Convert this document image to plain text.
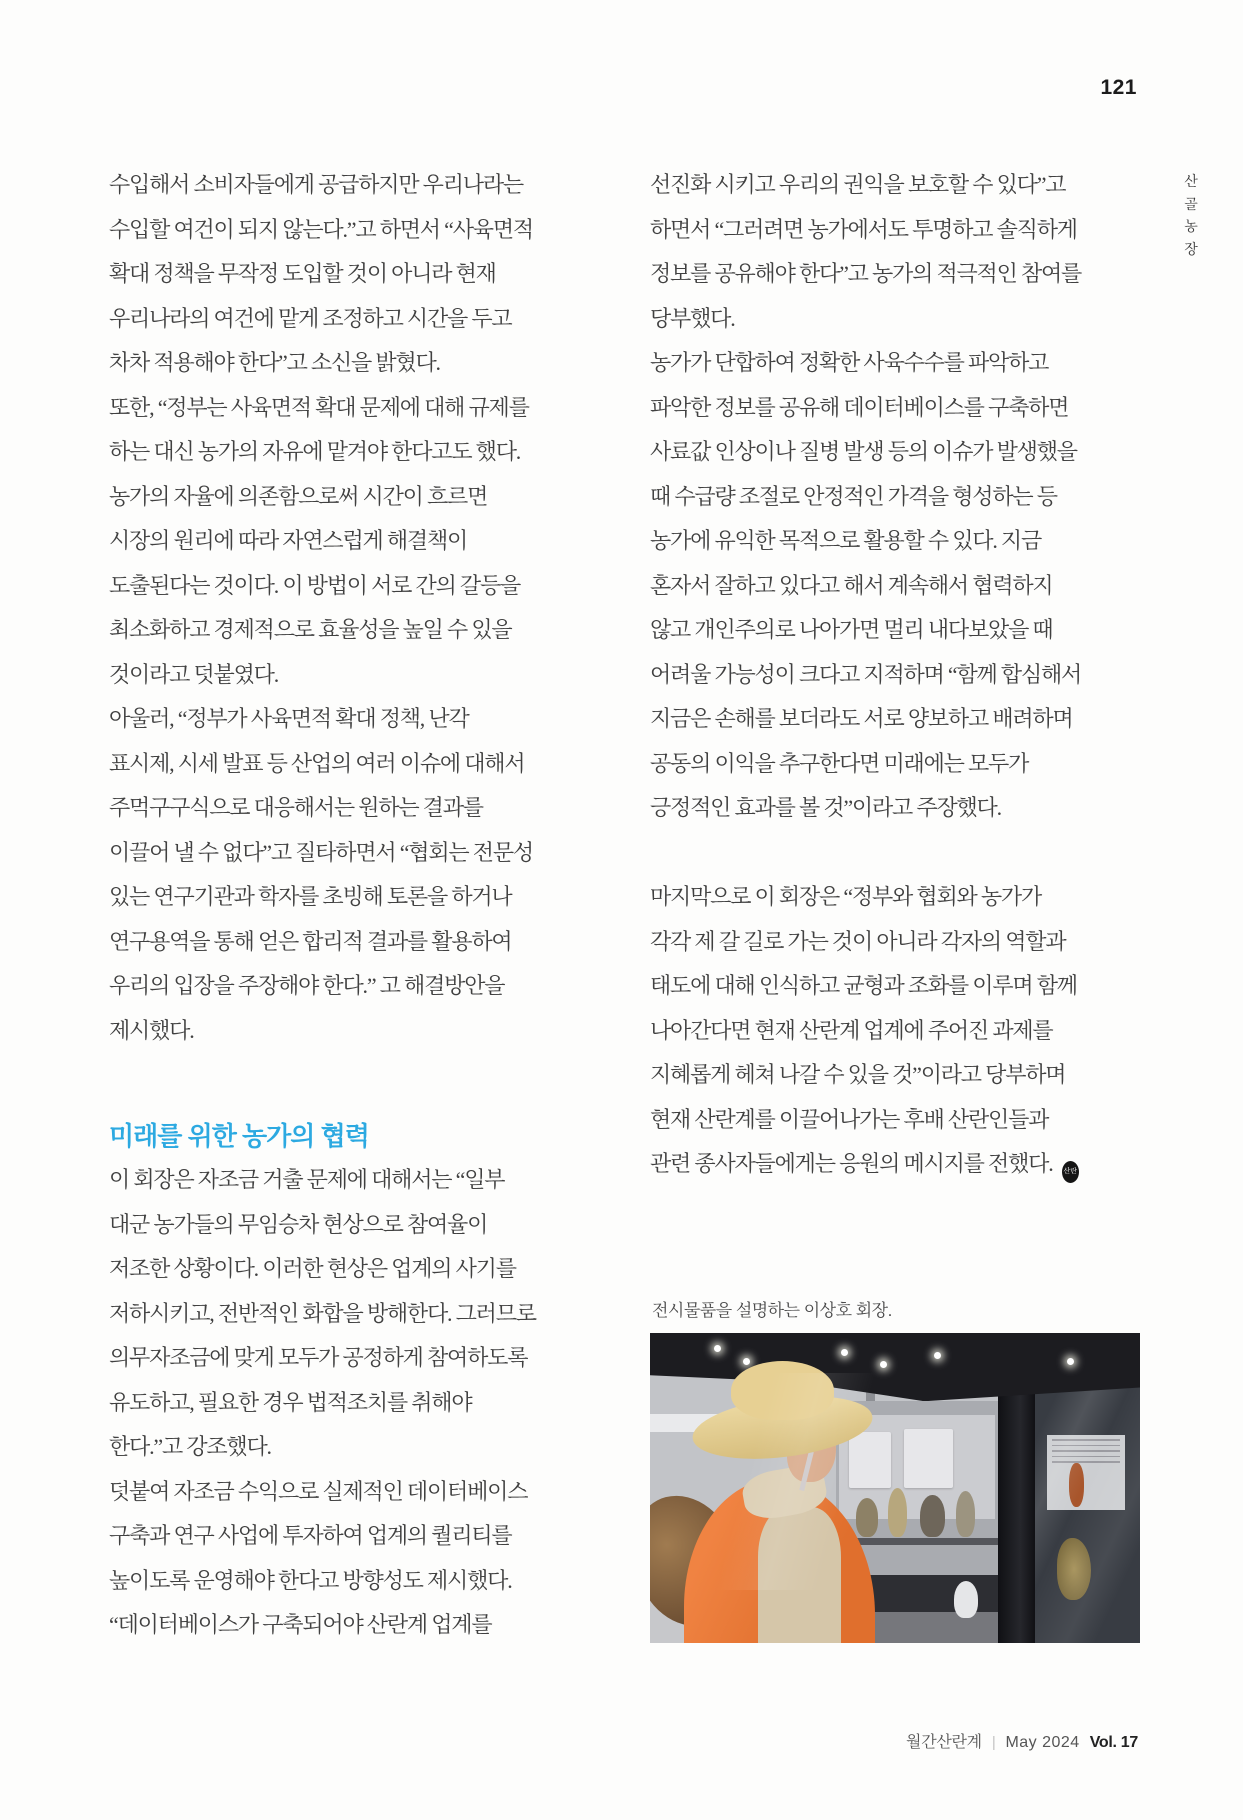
121
산
골
농
장
수입해서 소비자들에게 공급하지만 우리나라는
수입할 여건이 되지 않는다.”고 하면서 “사육면적
확대 정책을 무작정 도입할 것이 아니라 현재
우리나라의 여건에 맡게 조정하고 시간을 두고
차차 적용해야 한다”고 소신을 밝혔다.
또한, “정부는 사육면적 확대 문제에 대해 규제를
하는 대신 농가의 자유에 맡겨야 한다고도 했다.
농가의 자율에 의존함으로써 시간이 흐르면
시장의 원리에 따라 자연스럽게 해결책이
도출된다는 것이다. 이 방법이 서로 간의 갈등을
최소화하고 경제적으로 효율성을 높일 수 있을
것이라고 덧붙였다.
아울러, “정부가 사육면적 확대 정책, 난각
표시제, 시세 발표 등 산업의 여러 이슈에 대해서
주먹구구식으로 대응해서는 원하는 결과를
이끌어 낼 수 없다”고 질타하면서 “협회는 전문성
있는 연구기관과 학자를 초빙해 토론을 하거나
연구용역을 통해 얻은 합리적 결과를 활용하여
우리의 입장을 주장해야 한다.” 고 해결방안을
제시했다.
미래를 위한 농가의 협력
이 회장은 자조금 거출 문제에 대해서는 “일부
대군 농가들의 무임승차 현상으로 참여율이
저조한 상황이다. 이러한 현상은 업계의 사기를
저하시키고, 전반적인 화합을 방해한다. 그러므로
의무자조금에 맞게 모두가 공정하게 참여하도록
유도하고, 필요한 경우 법적조치를 취해야
한다.”고 강조했다.
덧붙여 자조금 수익으로 실제적인 데이터베이스
구축과 연구 사업에 투자하여 업계의 퀄리티를
높이도록 운영해야 한다고 방향성도 제시했다.
“데이터베이스가 구축되어야 산란계 업계를
선진화 시키고 우리의 권익을 보호할 수 있다”고
하면서 “그러려면 농가에서도 투명하고 솔직하게
정보를 공유해야 한다”고 농가의 적극적인 참여를
당부했다.
농가가 단합하여 정확한 사육수수를 파악하고
파악한 정보를 공유해 데이터베이스를 구축하면
사료값 인상이나 질병 발생 등의 이슈가 발생했을
때 수급량 조절로 안정적인 가격을 형성하는 등
농가에 유익한 목적으로 활용할 수 있다. 지금
혼자서 잘하고 있다고 해서 계속해서 협력하지
않고 개인주의로 나아가면 멀리 내다보았을 때
어려울 가능성이 크다고 지적하며 “함께 합심해서
지금은 손해를 보더라도 서로 양보하고 배려하며
공동의 이익을 추구한다면 미래에는 모두가
긍정적인 효과를 볼 것”이라고 주장했다.
마지막으로 이 회장은 “정부와 협회와 농가가
각각 제 갈 길로 가는 것이 아니라 각자의 역할과
태도에 대해 인식하고 균형과 조화를 이루며 함께
나아간다면 현재 산란계 업계에 주어진 과제를
지혜롭게 헤쳐 나갈 수 있을 것”이라고 당부하며
현재 산란계를 이끌어나가는 후배 산란인들과
관련 종사자들에게는 응원의 메시지를 전했다. 산란
전시물품을 설명하는 이상호 회장.
월간산란계 | May 2024 Vol. 17
